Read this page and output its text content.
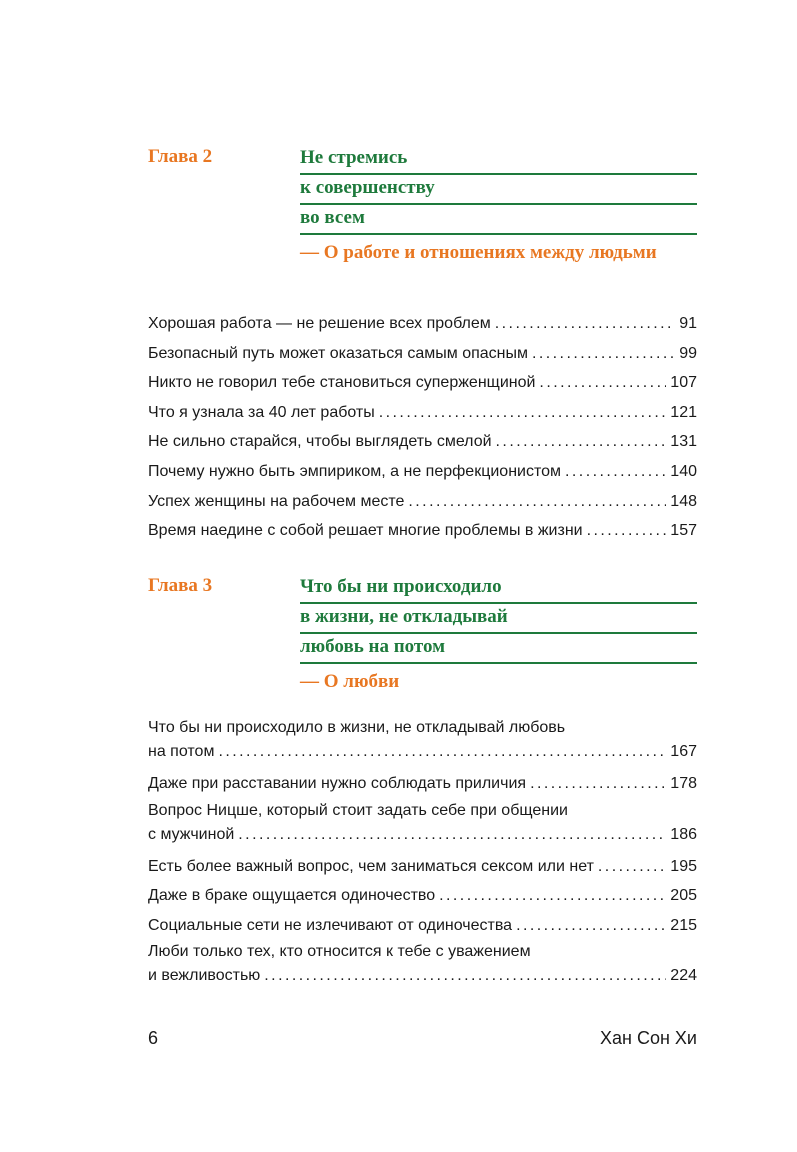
Глава 2	Не стремись
к совершенству
во всем
— О работе и отношениях между людьми
Хорошая работа — не решение всех проблем . . .	91
Безопасный путь может оказаться самым опасным . . .	99
Никто не говорил тебе становиться суперженщиной . . .	107
Что я узнала за 40 лет работы . . .	121
Не сильно старайся, чтобы выглядеть смелой . . .	131
Почему нужно быть эмпириком, а не перфекционистом . . .	140
Успех женщины на рабочем месте . . .	148
Время наедине с собой решает многие проблемы в жизни . . .	157
Глава 3	Что бы ни происходило
в жизни, не откладывай
любовь на потом
— О любви
Что бы ни происходило в жизни, не откладывай любовь
на потом . . .	167
Даже при расставании нужно соблюдать приличия . . .	178
Вопрос Ницше, который стоит задать себе при общении
с мужчиной . . .	186
Есть более важный вопрос, чем заниматься сексом или нет . . .	195
Даже в браке ощущается одиночество . . .	205
Социальные сети не излечивают от одиночества . . .	215
Люби только тех, кто относится к тебе с уважением
и вежливостью . . .	224
6	Хан Сон Хи
